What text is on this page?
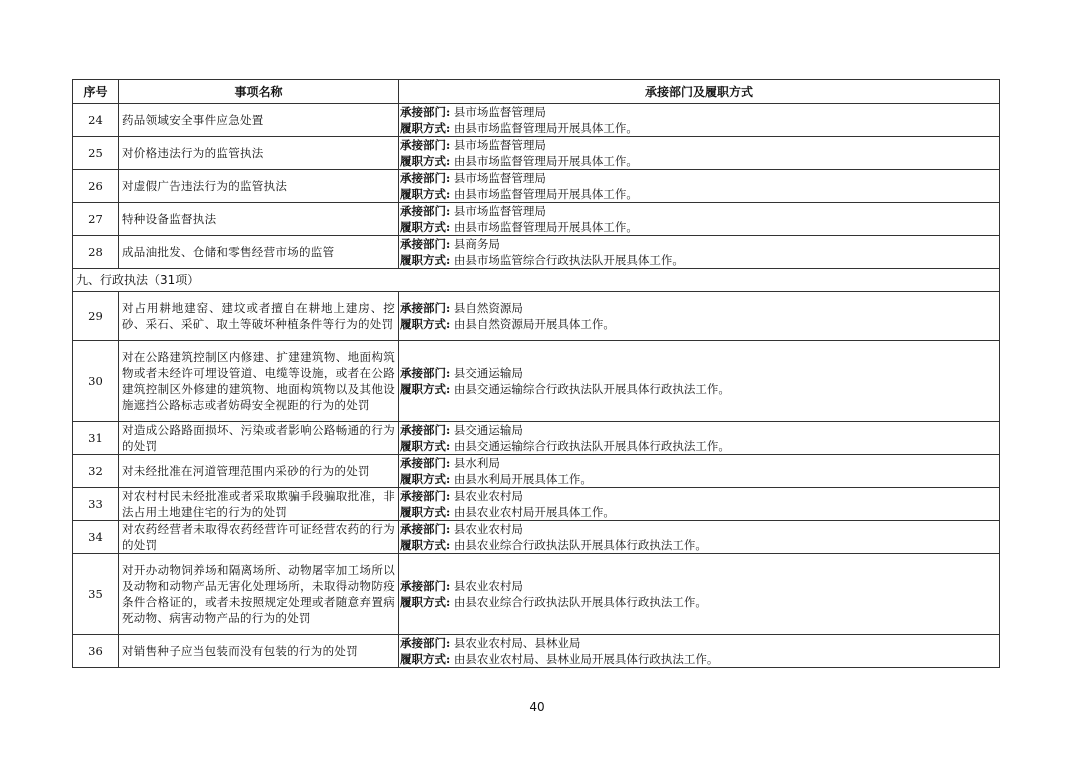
序号	事项名称	承接部门及履职方式
24	药品领域安全事件应急处置	承接部门: 县市场监督管理局
履职方式: 由县市场监督管理局开展具体工作。

25	对价格违法行为的监管执法	承接部门: 县市场监督管理局
履职方式: 由县市场监督管理局开展具体工作。

26	对虚假广告违法行为的监管执法	承接部门: 县市场监督管理局
履职方式: 由县市场监督管理局开展具体工作。

27	特种设备监督执法	承接部门: 县市场监督管理局
履职方式: 由县市场监督管理局开展具体工作。

28	成品油批发、仓储和零售经营市场的监管	承接部门: 县商务局
履职方式: 由县市场监管综合行政执法队开展具体工作。

九、行政执法（31项）		
29	对占用耕地建窑、建坟或者擅自在耕地上建房、挖砂、采石、采矿、取土等破坏种植条件等行为的处罚	承接部门: 县自然资源局
履职方式: 由县自然资源局开展具体工作。

30	对在公路建筑控制区内修建、扩建建筑物、地面构筑物或者未经许可埋设管道、电缆等设施，或者在公路建筑控制区外修建的建筑物、地面构筑物以及其他设施遮挡公路标志或者妨碍安全视距的行为的处罚	承接部门: 县交通运输局
履职方式: 由县交通运输综合行政执法队开展具体行政执法工作。

31	对造成公路路面损坏、污染或者影响公路畅通的行为的处罚	承接部门: 县交通运输局
履职方式: 由县交通运输综合行政执法队开展具体行政执法工作。

32	对未经批准在河道管理范围内采砂的行为的处罚	承接部门: 县水利局
履职方式: 由县水利局开展具体工作。

33	对农村村民未经批准或者采取欺骗手段骗取批准，非法占用土地建住宅的行为的处罚	承接部门: 县农业农村局
履职方式: 由县农业农村局开展具体工作。

34	对农药经营者未取得农药经营许可证经营农药的行为的处罚	承接部门: 县农业农村局
履职方式: 由县农业综合行政执法队开展具体行政执法工作。

35	对开办动物饲养场和隔离场所、动物屠宰加工场所以及动物和动物产品无害化处理场所，未取得动物防疫条件合格证的，或者未按照规定处理或者随意弃置病死动物、病害动物产品的行为的处罚	承接部门: 县农业农村局
履职方式: 由县农业综合行政执法队开展具体行政执法工作。

36	对销售种子应当包装而没有包装的行为的处罚	承接部门: 县农业农村局、县林业局
履职方式: 由县农业农村局、县林业局开展具体行政执法工作。
40
